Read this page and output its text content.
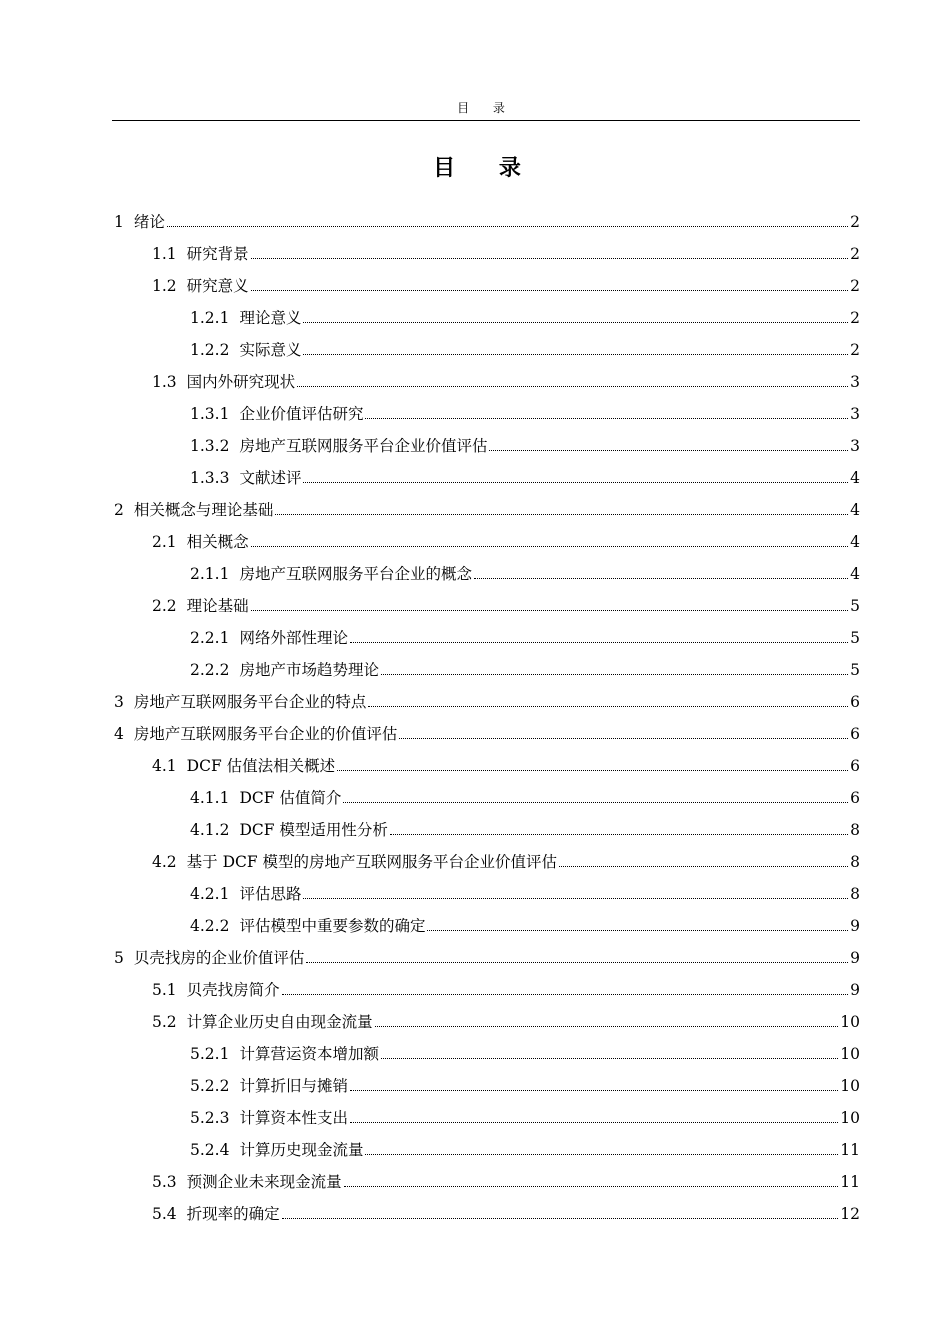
目 录
目 录
1 绪论	2
1.1 研究背景	2
1.2 研究意义	2
1.2.1 理论意义	2
1.2.2 实际意义	2
1.3 国内外研究现状	3
1.3.1 企业价值评估研究	3
1.3.2 房地产互联网服务平台企业价值评估	3
1.3.3 文献述评	4
2 相关概念与理论基础	4
2.1 相关概念	4
2.1.1 房地产互联网服务平台企业的概念	4
2.2 理论基础	5
2.2.1 网络外部性理论	5
2.2.2 房地产市场趋势理论	5
3 房地产互联网服务平台企业的特点	6
4 房地产互联网服务平台企业的价值评估	6
4.1 DCF 估值法相关概述	6
4.1.1 DCF 估值简介	6
4.1.2 DCF 模型适用性分析	8
4.2 基于 DCF 模型的房地产互联网服务平台企业价值评估	8
4.2.1 评估思路	8
4.2.2 评估模型中重要参数的确定	9
5 贝壳找房的企业价值评估	9
5.1 贝壳找房简介	9
5.2 计算企业历史自由现金流量	10
5.2.1 计算营运资本增加额	10
5.2.2 计算折旧与摊销	10
5.2.3 计算资本性支出	10
5.2.4 计算历史现金流量	11
5.3 预测企业未来现金流量	11
5.4 折现率的确定	12
